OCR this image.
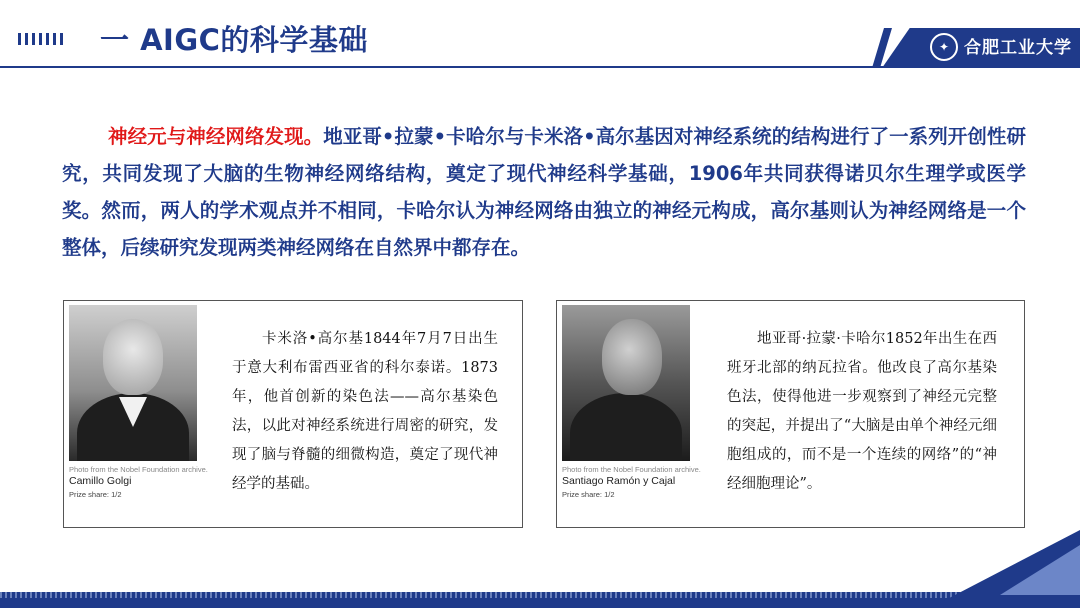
一 AIGC的科学基础	✦ 合肥工业大学
神经元与神经网络发现。地亚哥•拉蒙•卡哈尔与卡米洛•高尔基因对神经系统的结构进行了一系列开创性研究，共同发现了大脑的生物神经网络结构，奠定了现代神经科学基础，1906年共同获得诺贝尔生理学或医学奖。然而，两人的学术观点并不相同，卡哈尔认为神经网络由独立的神经元构成，高尔基则认为神经网络是一个整体，后续研究发现两类神经网络在自然界中都存在。
Photo from the Nobel Foundation archive.
Camillo Golgi
Prize share: 1/2
卡米洛•高尔基1844年7月7日出生于意大利布雷西亚省的科尔泰诺。1873年，他首创新的染色法——高尔基染色法，以此对神经系统进行周密的研究，发现了脑与脊髓的细微构造，奠定了现代神经学的基础。
Photo from the Nobel Foundation archive.
Santiago Ramón y Cajal
Prize share: 1/2
地亚哥·拉蒙·卡哈尔1852年出生在西班牙北部的纳瓦拉省。他改良了高尔基染色法，使得他进一步观察到了神经元完整的突起，并提出了“大脑是由单个神经元细胞组成的，而不是一个连续的网络”的“神经细胞理论”。
